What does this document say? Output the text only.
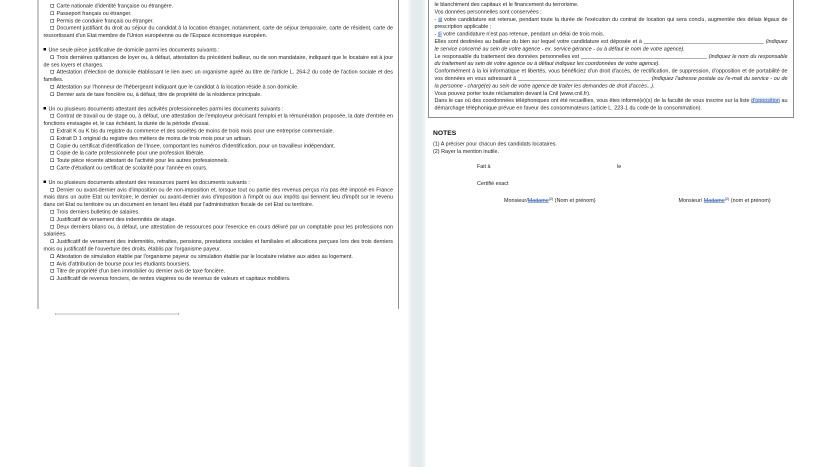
Carte nationale d'identité française ou étrangère.
Passeport français ou étranger.
Permis de conduire français ou étranger.
Document justifiant du droit au séjour du candidat à la location étranger, notamment, carte de séjour temporaire, carte de résident, carte de ressortissant d'un Etat membre de l'Union européenne ou de l'Espace économique européen.
Une seule pièce justificative de domicile parmi les documents suivants :
Trois dernières quittances de loyer ou, à défaut, attestation du précédent bailleur, ou de son mandataire, indiquant que le locataire est à jour de ses loyers et charges.
Attestation d'élection de domicile établissant le lien avec un organisme agréé au titre de l'article L. 264-2 du code de l'action sociale et des familles.
Attestation sur l'honneur de l'hébergeant indiquant que le candidat à la location réside à son domicile.
Dernier avis de taxe foncière ou, à défaut, titre de propriété de la résidence principale.
Un ou plusieurs documents attestant des activités professionnelles parmi les documents suivants :
Contrat de travail ou de stage ou, à défaut, une attestation de l'employeur précisant l'emploi et la rémunération proposée, la date d'entrée en fonctions envisagée et, le cas échéant, la durée de la période d'essai.
Extrait K ou K bis du registre du commerce et des sociétés de moins de trois mois pour une entreprise commerciale.
Extrait D 1 original du registre des métiers de moins de trois mois pour un artisan.
Copie du certificat d'identification de l'Insee, comportant les numéros d'identification, pour un travailleur indépendant.
Copie de la carte professionnelle pour une profession libérale.
Toute pièce récente attestant de l'activité pour les autres professionnels.
Carte d'étudiant ou certificat de scolarité pour l'année en cours.
Un ou plusieurs documents attestant des ressources parmi les documents suivants :
Dernier ou avant-dernier avis d'imposition ou de non-imposition et, lorsque tout ou partie des revenus perçus n'a pas été imposé en France mais dans un autre Etat ou territoire, le dernier ou avant-dernier avis d'imposition à l'impôt ou aux impôts qui tiennent lieu d'impôt sur le revenu dans cet Etat ou territoire ou un document en tenant lieu établi par l'administration fiscale de cet Etat ou territoire.
Trois derniers bulletins de salaires.
Justificatif de versement des indemnités de stage.
Deux derniers bilans ou, à défaut, une attestation de ressources pour l'exercice en cours délivré par un comptable pour les professions non salariées.
Justificatif de versement des indemnités, retraites, pensions, prestations sociales et familiales et allocations perçues lors des trois derniers mois ou justificatif de l'ouverture des droits, établis par l'organisme payeur.
Attestation de simulation établie par l'organisme payeur ou simulation établie par le locataire relative aux aides au logement.
Avis d'attribution de bourse pour les étudiants boursiers.
Titre de propriété d'un bien immobilier ou dernier avis de taxe foncière.
Justificatif de revenus fonciers, de rentes viagères ou de revenus de valeurs et capitaux mobiliers.
le blanchiment des capitaux et le financement du terrorisme.
Vos données personnelles sont conservées :
- si votre candidature est retenue, pendant toute la durée de l'exécution du contrat de location qui sera conclu, augmentée des délais légaux de prescription applicable ;
- si votre candidature n'est pas retenue, pendant un délai de trois mois.
Elles sont destinées au bailleur du bien sur lequel votre candidature est déposée et à ________________________________________ (indiquez le service concerné au sein de votre agence - ex. service gérance - ou à défaut le nom de votre agence).
Le responsable du traitement des données personnelles est __________________________________________ (indiquez le nom du responsable du traitement au sein de votre agence ou à défaut indiquez les coordonnées de votre agence).
Conformément à la loi informatique et libertés, vous bénéficiez d'un droit d'accès, de rectification, de suppression, d'opposition et de portabilité de vos données en vous adressant à ____________________________________________ (indiquez l'adresse postale ou l'e-mail du service - ou de la personne - chargé(e) au sein de votre agence de traiter les demandes de droit d'accès...).
Vous pouvez porter toute réclamation devant la Cnil (www.cnil.fr).
Dans le cas où des coordonnées téléphoniques ont été recueillies, vous êtes informé(e)(s) de la faculté de vous inscrire sur la liste d'opposition au démarchage téléphonique prévue en faveur des consommateurs (article L. 223-1 du code de la consommation).
NOTES
(1) A préciser pour chacun des candidats locataires.
(2) Rayer la mention inutile.
Fait à	le
Certifié exact
Monsieur/Madame$^{(2)}$ (Nom et prénom)	Monsieur/ Madame$^{(2)}$ (nom et prénom)
